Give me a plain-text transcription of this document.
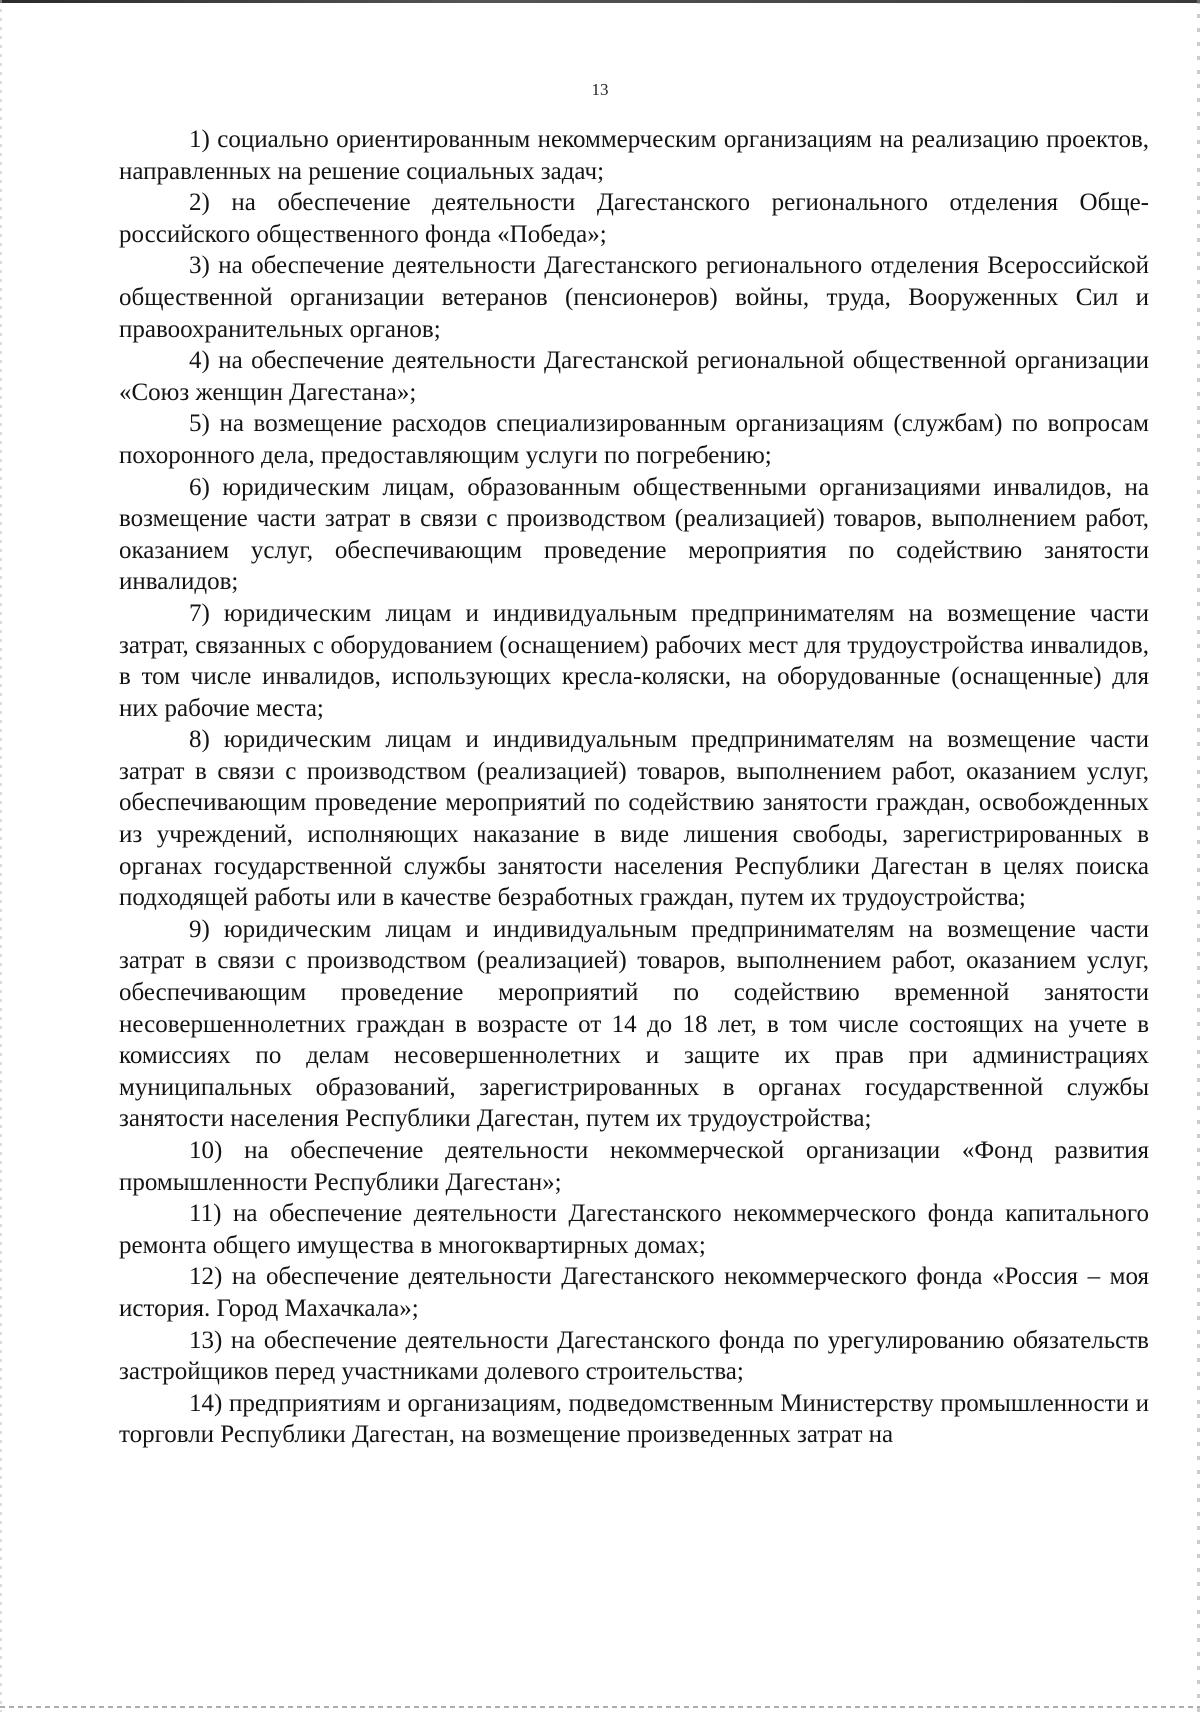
13

1) социально ориентированным некоммерческим организациям на реализацию проектов, направленных на решение социальных задач;

2) на обеспечение деятельности Дагестанского регионального отделения Общероссийского общественного фонда «Победа»;

3) на обеспечение деятельности Дагестанского регионального отделения Всероссийской общественной организации ветеранов (пенсионеров) войны, труда, Вооруженных Сил и правоохранительных органов;

4) на обеспечение деятельности Дагестанской региональной общественной организации «Союз женщин Дагестана»;

5) на возмещение расходов специализированным организациям (службам) по вопросам похоронного дела, предоставляющим услуги по погребению;

6) юридическим лицам, образованным общественными организациями инвалидов, на возмещение части затрат в связи с производством (реализацией) товаров, выполнением работ, оказанием услуг, обеспечивающим проведение мероприятия по содействию занятости инвалидов;

7) юридическим лицам и индивидуальным предпринимателям на возмещение части затрат, связанных с оборудованием (оснащением) рабочих мест для трудоустройства инвалидов, в том числе инвалидов, использующих кресла-коляски, на оборудованные (оснащенные) для них рабочие места;

8) юридическим лицам и индивидуальным предпринимателям на возмещение части затрат в связи с производством (реализацией) товаров, выполнением работ, оказанием услуг, обеспечивающим проведение мероприятий по содействию занятости граждан, освобожденных из учреждений, исполняющих наказание в виде лишения свободы, зарегистрированных в органах государственной службы занятости населения Республики Дагестан в целях поиска подходящей работы или в качестве безработных граждан, путем их трудоустройства;

9) юридическим лицам и индивидуальным предпринимателям на возмещение части затрат в связи с производством (реализацией) товаров, выполнением работ, оказанием услуг, обеспечивающим проведение мероприятий по содействию временной занятости несовершеннолетних граждан в возрасте от 14 до 18 лет, в том числе состоящих на учете в комиссиях по делам несовершеннолетних и защите их прав при администрациях муниципальных образований, зарегистрированных в органах государственной службы занятости населения Республики Дагестан, путем их трудоустройства;

10) на обеспечение деятельности некоммерческой организации «Фонд развития промышленности Республики Дагестан»;

11) на обеспечение деятельности Дагестанского некоммерческого фонда капитального ремонта общего имущества в многоквартирных домах;

12) на обеспечение деятельности Дагестанского некоммерческого фонда «Россия – моя история. Город Махачкала»;

13) на обеспечение деятельности Дагестанского фонда по урегулированию обязательств застройщиков перед участниками долевого строительства;

14) предприятиям и организациям, подведомственным Министерству промышленности и торговли Республики Дагестан, на возмещение произведенных затрат на
